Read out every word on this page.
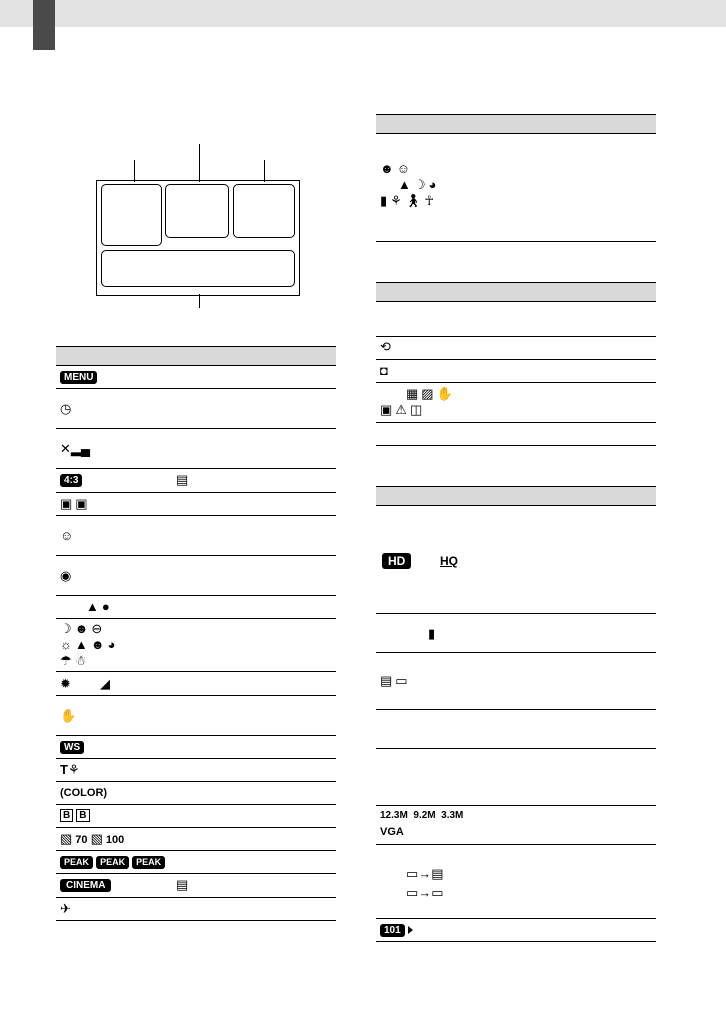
MENU
◷
✕▂▄
4:3	▤
▣ ▣
☺
◉
▲ ●
☽ ☻ ⊖
☼ ▲ ☻ ◕
☂ ☃
✹ ◢
✋
WS
T⚘
(COLOR)
B B
▧ 70 ▧ 100
PEAK PEAK PEAK
CINEMA	▤
✈
☻ ☺
▲ ☽ ◕
▮ ⚘ 🚶︎ ☥
⟲
◘
▦ ▨ ✋
▣ ⚠ ◫
HD	HQ
▮
▤ ▭
12.3M 9.2M 3.3M
VGA
▭→▤
▭→▭
101
